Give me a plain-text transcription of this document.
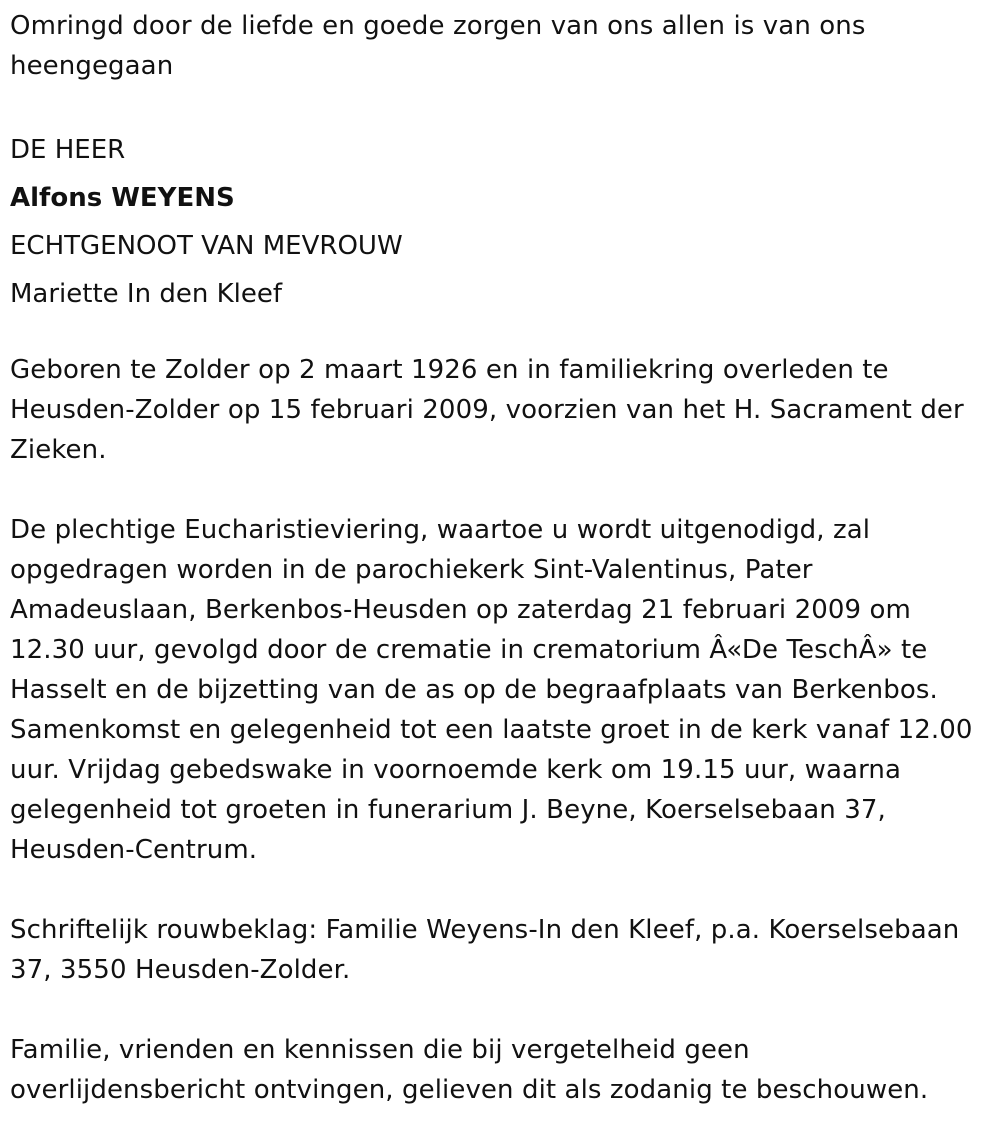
Omringd door de liefde en goede zorgen van ons allen is van ons heengegaan

DE HEER

Alfons WEYENS

ECHTGENOOT VAN MEVROUW

Mariette In den Kleef

Geboren te Zolder op 2 maart 1926 en in familiekring overleden te Heusden-Zolder op 15 februari 2009, voorzien van het H. Sacrament der Zieken.

De plechtige Eucharistieviering, waartoe u wordt uitgenodigd, zal opgedragen worden in de parochiekerk Sint-Valentinus, Pater Amadeuslaan, Berkenbos-Heusden op zaterdag 21 februari 2009 om 12.30 uur, gevolgd door de crematie in crematorium Â«De TeschÂ» te Hasselt en de bijzetting van de as op de begraafplaats van Berkenbos. Samenkomst en gelegenheid tot een laatste groet in de kerk vanaf 12.00 uur. Vrijdag gebedswake in voornoemde kerk om 19.15 uur, waarna gelegenheid tot groeten in funerarium J. Beyne, Koerselsebaan 37, Heusden-Centrum.

Schriftelijk rouwbeklag: Familie Weyens-In den Kleef, p.a. Koerselsebaan 37, 3550 Heusden-Zolder.

Familie, vrienden en kennissen die bij vergetelheid geen overlijdensbericht ontvingen, gelieven dit als zodanig te beschouwen.
